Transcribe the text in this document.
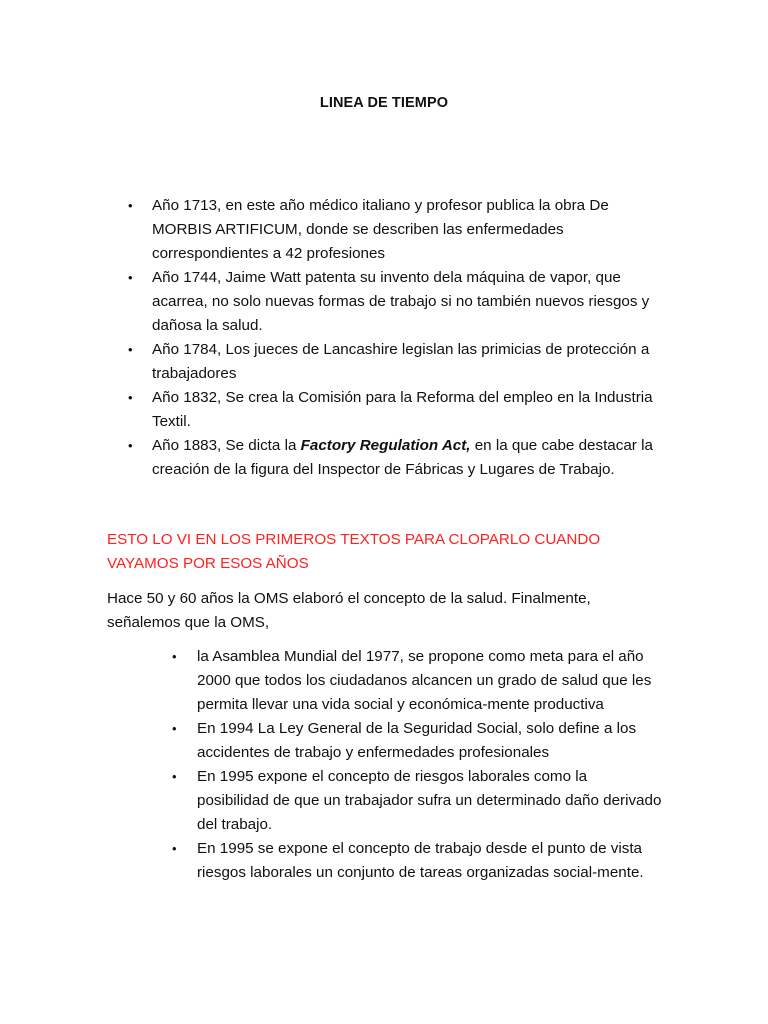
LINEA DE TIEMPO
• Año 1713, en este año médico italiano y profesor publica la obra De MORBIS ARTIFICUM, donde se describen las enfermedades correspondientes a 42 profesiones
• Año 1744, Jaime Watt patenta su invento dela máquina de vapor, que acarrea, no solo nuevas formas de trabajo si no también nuevos riesgos y dañosa la salud.
• Año 1784, Los jueces de Lancashire legislan las primicias de protección a trabajadores
• Año 1832, Se crea la Comisión para la Reforma del empleo en la Industria Textil.
• Año 1883, Se dicta la Factory Regulation Act, en la que cabe destacar la creación de la figura del Inspector de Fábricas y Lugares de Trabajo.
ESTO LO VI EN LOS PRIMEROS TEXTOS PARA CLOPARLO CUANDO VAYAMOS POR ESOS AÑOS
Hace 50 y 60 años la OMS elaboró el concepto de la salud. Finalmente, señalemos que la OMS,
• la Asamblea Mundial del 1977, se propone como meta para el año 2000 que todos los ciudadanos alcancen un grado de salud que les permita llevar una vida social y económica-mente productiva
• En 1994 La Ley General de la Seguridad Social, solo define a los accidentes de trabajo y enfermedades profesionales
• En 1995 expone el concepto de riesgos laborales como la posibilidad de que un trabajador sufra un determinado daño derivado del trabajo.
• En 1995 se expone el concepto de trabajo desde el punto de vista riesgos laborales un conjunto de tareas organizadas social-mente.
